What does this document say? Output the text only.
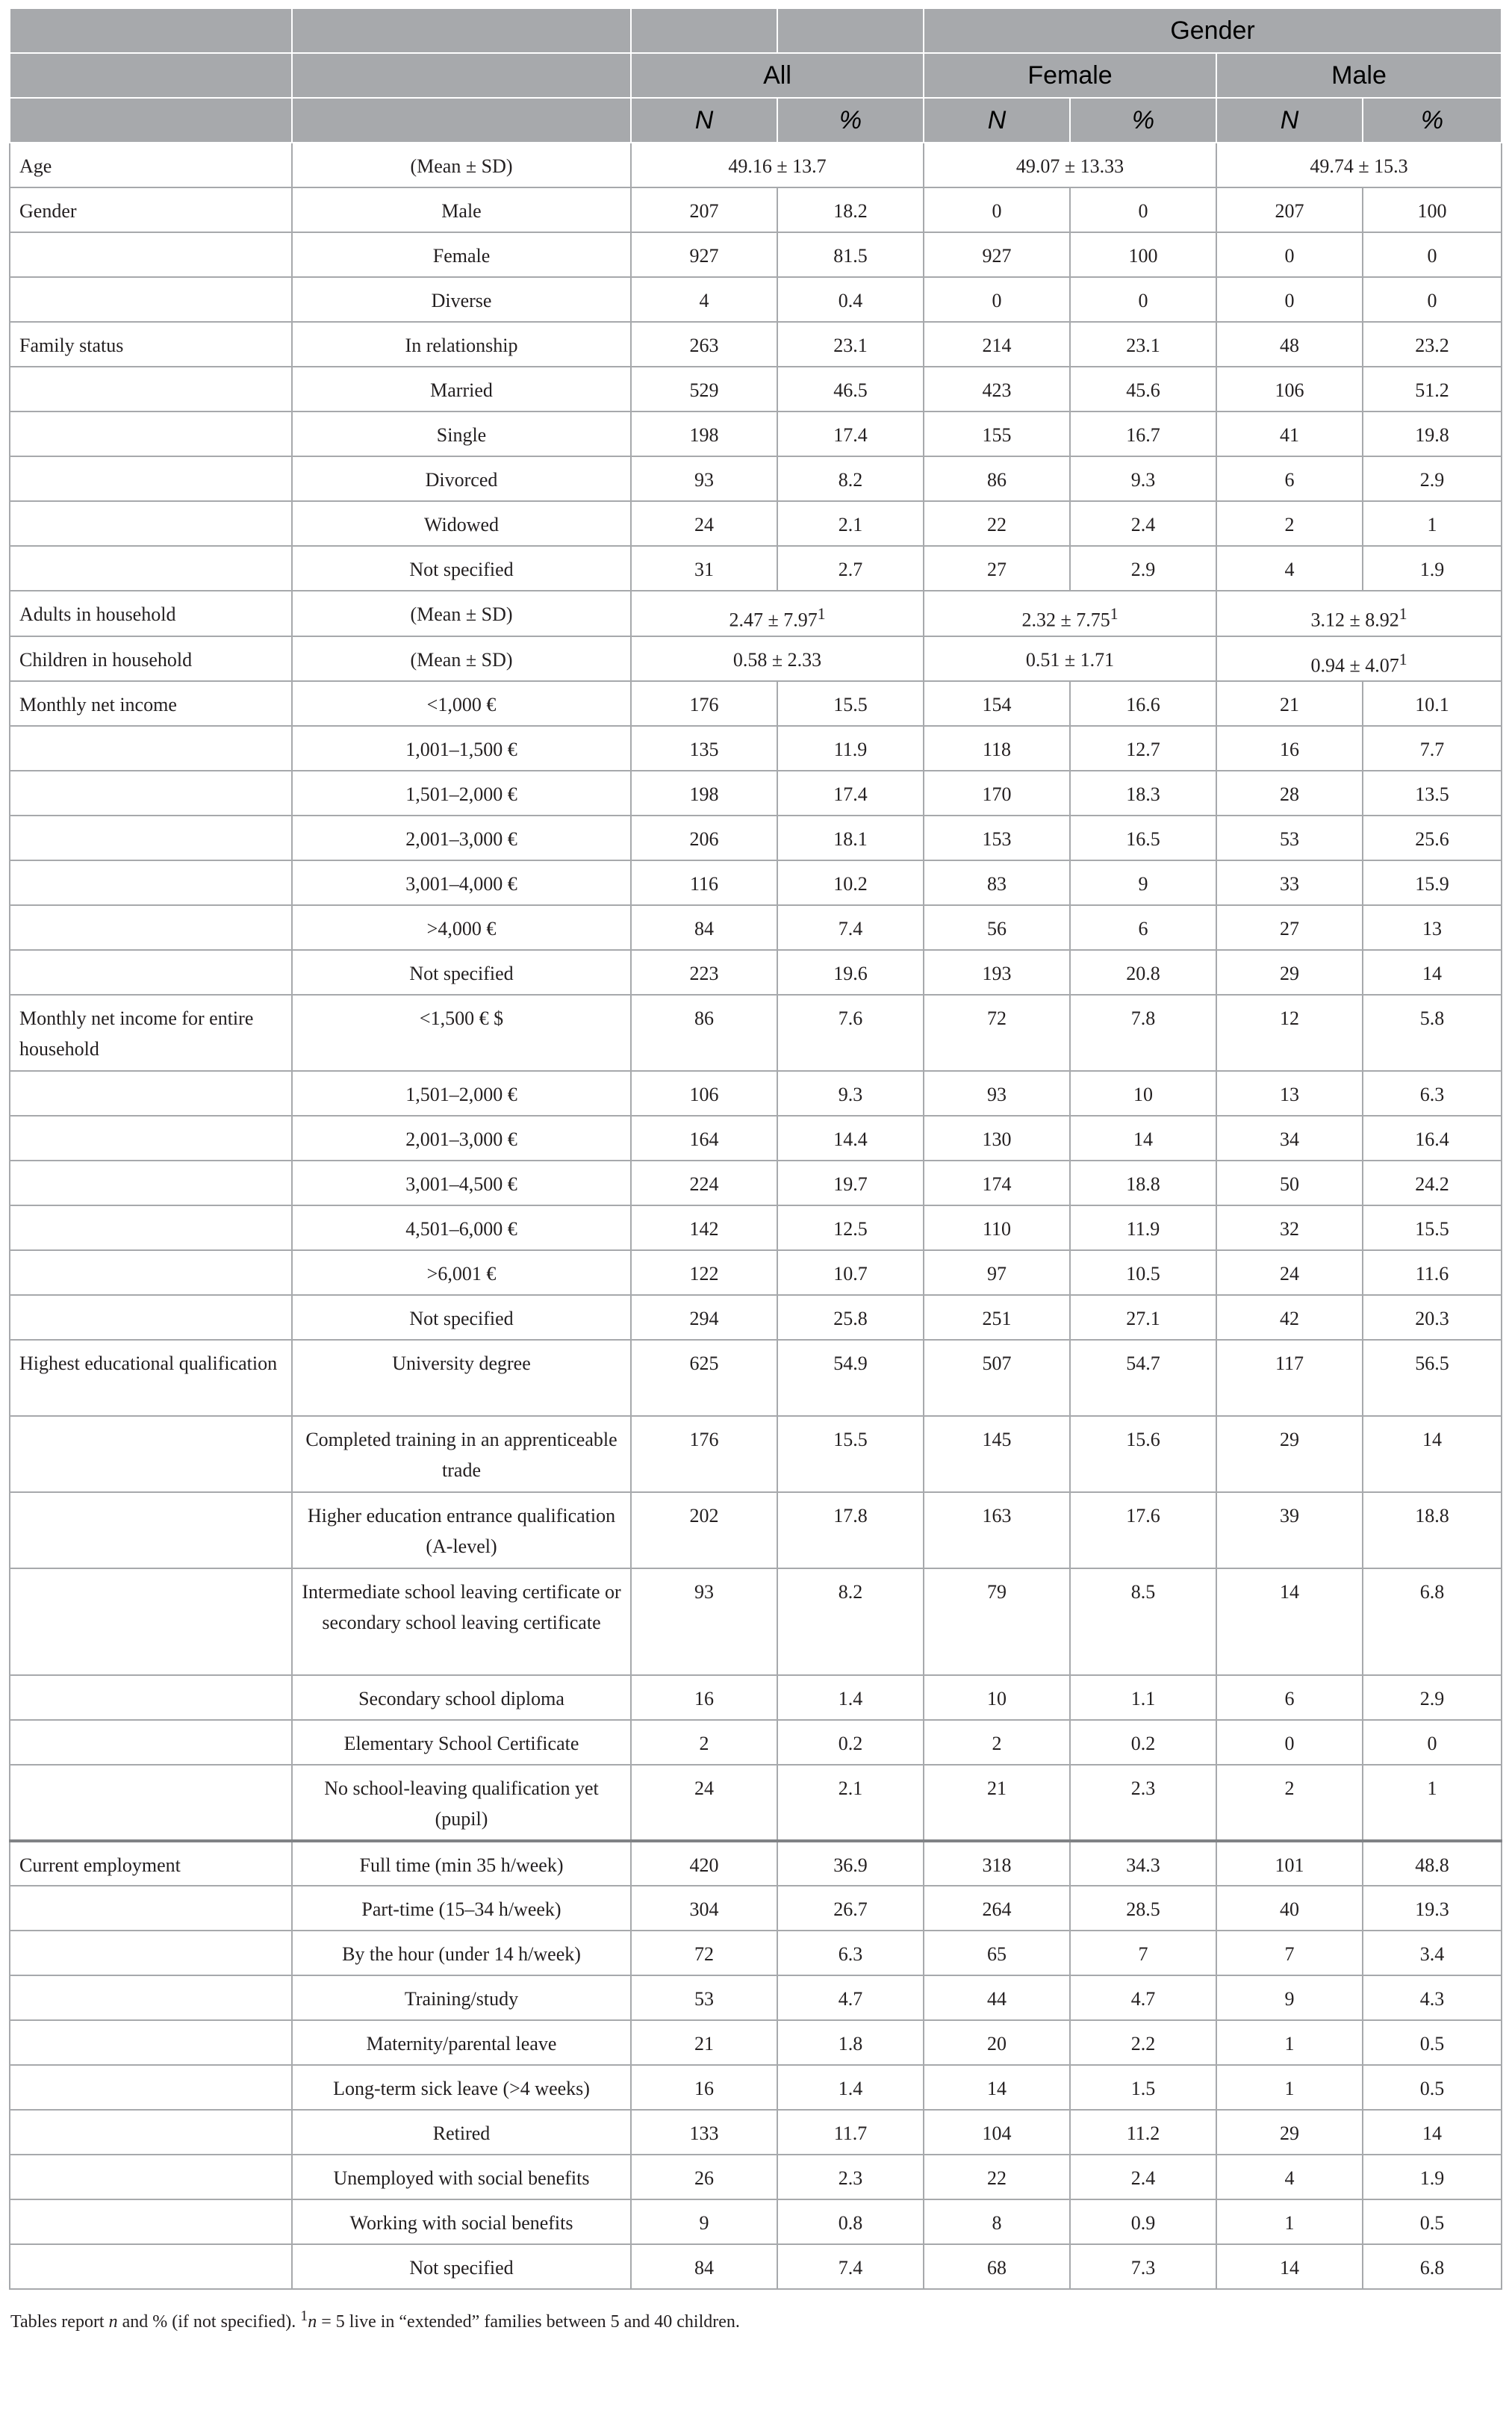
				Gender			
		All		Female		Male	
		N	%	N	%	N	%
Age	(Mean ± SD)	49.16 ± 13.7		49.07 ± 13.33		49.74 ± 15.3	
Gender	Male	207	18.2	0	0	207	100
	Female	927	81.5	927	100	0	0
	Diverse	4	0.4	0	0	0	0
Family status	In relationship	263	23.1	214	23.1	48	23.2
	Married	529	46.5	423	45.6	106	51.2
	Single	198	17.4	155	16.7	41	19.8
	Divorced	93	8.2	86	9.3	6	2.9
	Widowed	24	2.1	22	2.4	2	1
	Not specified	31	2.7	27	2.9	4	1.9
Adults in household	(Mean ± SD)	$2.47 \pm 7.97^1$		$2.32 \pm 7.75^1$		$3.12 \pm 8.92^1$
Children in household	(Mean ± SD)	0.58 ± 2.33		0.51 ± 1.71		$0.94 \pm 4.07^1$
Monthly net income	<1,000 €	176	15.5	154	16.6	21	10.1
	1,001–1,500 €	135	11.9	118	12.7	16	7.7
	1,501–2,000 €	198	17.4	170	18.3	28	13.5
	2,001–3,000 €	206	18.1	153	16.5	53	25.6
	3,001–4,000 €	116	10.2	83	9	33	15.9
	>4,000 €	84	7.4	56	6	27	13
	Not specified	223	19.6	193	20.8	29	14
Monthly net income for entire household	<1,500 € $	86	7.6	72	7.8	12	5.8
	1,501–2,000 €	106	9.3	93	10	13	6.3
	2,001–3,000 €	164	14.4	130	14	34	16.4
	3,001–4,500 €	224	19.7	174	18.8	50	24.2
	4,501–6,000 €	142	12.5	110	11.9	32	15.5
	>6,001 €	122	10.7	97	10.5	24	11.6
	Not specified	294	25.8	251	27.1	42	20.3
Highest educational qualification	University degree	625	54.9	507	54.7	117	56.5
	Completed training in an apprenticeable trade	176	15.5	145	15.6	29	14
	Higher education entrance qualification (A-level)	202	17.8	163	17.6	39	18.8
	Intermediate school leaving certificate or secondary school leaving certificate	93	8.2	79	8.5	14	6.8
	Secondary school diploma	16	1.4	10	1.1	6	2.9
	Elementary School Certificate	2	0.2	2	0.2	0	0
	No school-leaving qualification yet (pupil)	24	2.1	21	2.3	2	1
Current employment	Full time (min 35 h/week)	420	36.9	318	34.3	101	48.8
	Part-time (15–34 h/week)	304	26.7	264	28.5	40	19.3
	By the hour (under 14 h/week)	72	6.3	65	7	7	3.4
	Training/study	53	4.7	44	4.7	9	4.3
	Maternity/parental leave	21	1.8	20	2.2	1	0.5
	Long-term sick leave (>4 weeks)	16	1.4	14	1.5	1	0.5
	Retired	133	11.7	104	11.2	29	14
	Unemployed with social benefits	26	2.3	22	2.4	4	1.9
	Working with social benefits	9	0.8	8	0.9	1	0.5
	Not specified	84	7.4	68	7.3	14	6.8
Tables report n and % (if not specified). $^1$n = 5 live in “extended” families between 5 and 40 children.
